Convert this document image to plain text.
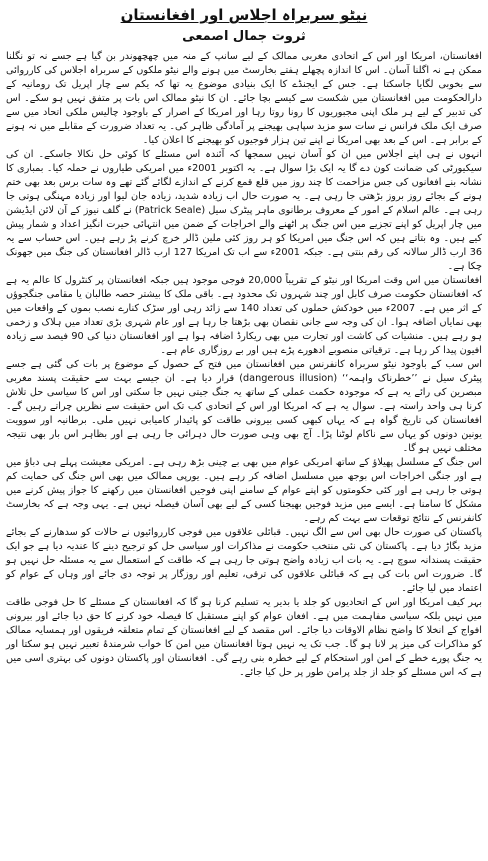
نیٹو سربراہ اجلاس اور افغانستان
ثروت جمال اصمعی

افغانستان، امریکا اور اس کے اتحادی مغربی ممالک کے لیے سانپ کے منہ میں چھچھوندر بن گیا ہے جسے نہ تو نگلنا ممکن ہے نہ اگلنا آسان۔ اس کا اندازہ پچھلے ہفتے بخارسٹ میں ہونے والے نیٹو ملکوں کے سربراہ اجلاس کی کارروائی سے بخوبی لگایا جاسکتا ہے۔ جس کے ایجنڈے کا ایک بنیادی موضوع یہ تھا کہ یکم سے چار اپریل تک رومانیہ کے دارالحکومت میں افغانستان میں شکست سے کیسے بچا جائے۔ ان کا نیٹو ممالک اس بات پر متفق نہیں ہو سکے۔ اس کی تدبیر کے لیے ہر ملک اپنی مجبوریوں کا رونا روتا رہا اور امریکا کے اصرار کے باوجود چالیس ملکی اتحاد میں سے صرف ایک ملک فرانس نے سات سو مزید سپاہی بھیجنے پر آمادگی ظاہر کی۔ یہ تعداد ضرورت کے مقابلے میں نہ ہونے کے برابر ہے۔ اس کے بعد بھی امریکا نے اپنے تین ہزار فوجیوں کو بھیجنے کا اعلان کیا۔

انہوں نے ہی اپنے اجلاس میں ان کو آسان نہیں سمجھا کہ آئندہ اس مسئلے کا کوئی حل نکالا جاسکے۔ ان کی سیکیورٹی کی ضمانت کون دے گا یہ ایک بڑا سوال ہے۔ یہ اکتوبر 2001ء میں امریکی طیاروں نے حملہ کیا۔ بمباری کا نشانہ بنے افغانوں کی جس مزاحمت کا چند روز میں قلع قمع کرنے کے اندازے لگائے گئے تھے وہ سات برس بعد بھی ختم ہونے کے بجائے روز بروز بڑھتی جا رہی ہے۔ یہ صورت حال اب زیادہ شدید، زیادہ جان لیوا اور زیادہ مہنگی ہوتی جا رہی ہے۔ عالم اسلام کے امور کے معروف برطانوی ماہر پیٹرک سیل (Patrick Seale) نے گلف نیوز کے آن لائن ایڈیشن میں چار اپریل کو اپنے تجزیے میں اس جنگ پر اٹھنے والے اخراجات کے ضمن میں انتہائی حیرت انگیز اعداد و شمار پیش کیے ہیں۔ وہ بتاتے ہیں کہ اس جنگ میں امریکا کو ہر روز کئی ملین ڈالر خرچ کرنے پڑ رہے ہیں۔ اس حساب سے یہ 36 ارب ڈالر سالانہ کی رقم بنتی ہے۔ جبکہ 2001ء سے اب تک امریکا 127 ارب ڈالر افغانستان کی جنگ میں جھونک چکا ہے۔

افغانستان میں اس وقت امریکا اور نیٹو کے تقریباً 20,000 فوجی موجود ہیں جبکہ افغانستان پر کنٹرول کا عالم یہ ہے کہ افغانستان حکومت صرف کابل اور چند شہروں تک محدود ہے۔ باقی ملک کا بیشتر حصہ طالبان یا مقامی جنگجوؤں کے اثر میں ہے۔ 2007ء میں خودکش حملوں کی تعداد 140 سے زائد رہی اور سڑک کنارے نصب بموں کے واقعات میں بھی نمایاں اضافہ ہوا۔ ان کی وجہ سے جانی نقصان بھی بڑھتا جا رہا ہے اور عام شہری بڑی تعداد میں ہلاک و زخمی ہو رہے ہیں۔ منشیات کی کاشت اور تجارت میں بھی ریکارڈ اضافہ ہوا ہے اور افغانستان دنیا کی 90 فیصد سے زیادہ افیون پیدا کر رہا ہے۔ ترقیاتی منصوبے ادھورے پڑے ہیں اور بے روزگاری عام ہے۔

اس سب کے باوجود نیٹو سربراہ کانفرنس میں افغانستان میں فتح کے حصول کے موضوع پر بات کی گئی ہے جسے پیٹرک سیل نے ’’خطرناک واہمہ‘‘ (dangerous illusion) قرار دیا ہے۔ ان جیسے بہت سے حقیقت پسند مغربی مبصرین کی رائے یہ ہے کہ موجودہ حکمت عملی کے ساتھ یہ جنگ جیتی نہیں جا سکتی اور اس کا سیاسی حل تلاش کرنا ہی واحد راستہ ہے۔ سوال یہ ہے کہ امریکا اور اس کے اتحادی کب تک اس حقیقت سے نظریں چراتے رہیں گے۔ افغانستان کی تاریخ گواہ ہے کہ یہاں کبھی کسی بیرونی طاقت کو پائیدار کامیابی نہیں ملی۔ برطانیہ اور سوویت یونین دونوں کو یہاں سے ناکام لوٹنا پڑا۔ آج بھی وہی صورت حال دہرائی جا رہی ہے اور بظاہر اس بار بھی نتیجہ مختلف نہیں ہو گا۔

اس جنگ کے مسلسل پھیلاؤ کے ساتھ امریکی عوام میں بھی بے چینی بڑھ رہی ہے۔ امریکی معیشت پہلے ہی دباؤ میں ہے اور جنگی اخراجات اس بوجھ میں مسلسل اضافہ کر رہے ہیں۔ یورپی ممالک میں بھی اس جنگ کی حمایت کم ہوتی جا رہی ہے اور کئی حکومتوں کو اپنے عوام کے سامنے اپنی فوجیں افغانستان میں رکھنے کا جواز پیش کرنے میں مشکل کا سامنا ہے۔ ایسے میں مزید فوجیں بھیجنا کسی کے لیے بھی آسان فیصلہ نہیں ہے۔ یہی وجہ ہے کہ بخارسٹ کانفرنس کے نتائج توقعات سے بہت کم رہے۔

پاکستان کی صورت حال بھی اس سے الگ نہیں۔ قبائلی علاقوں میں فوجی کارروائیوں نے حالات کو سدھارنے کے بجائے مزید بگاڑ دیا ہے۔ پاکستان کی نئی منتخب حکومت نے مذاکرات اور سیاسی حل کو ترجیح دینے کا عندیہ دیا ہے جو ایک حقیقت پسندانہ سوچ ہے۔ یہ بات اب زیادہ واضح ہوتی جا رہی ہے کہ طاقت کے استعمال سے یہ مسئلہ حل نہیں ہو گا۔ ضرورت اس بات کی ہے کہ قبائلی علاقوں کی ترقی، تعلیم اور روزگار پر توجہ دی جائے اور وہاں کے عوام کو اعتماد میں لیا جائے۔

بہر کیف امریکا اور اس کے اتحادیوں کو جلد یا بدیر یہ تسلیم کرنا ہو گا کہ افغانستان کے مسئلے کا حل فوجی طاقت میں نہیں بلکہ سیاسی مفاہمت میں ہے۔ افغان عوام کو اپنے مستقبل کا فیصلہ خود کرنے کا حق دیا جائے اور بیرونی افواج کے انخلا کا واضح نظام الاوقات دیا جائے۔ اس مقصد کے لیے افغانستان کے تمام متعلقہ فریقوں اور ہمسایہ ممالک کو مذاکرات کی میز پر لانا ہو گا۔ جب تک یہ نہیں ہوتا افغانستان میں امن کا خواب شرمندۂ تعبیر نہیں ہو سکتا اور یہ جنگ پورے خطے کے امن اور استحکام کے لیے خطرہ بنی رہے گی۔ افغانستان اور پاکستان دونوں کی بہتری اسی میں ہے کہ اس مسئلے کو جلد از جلد پرامن طور پر حل کیا جائے۔
